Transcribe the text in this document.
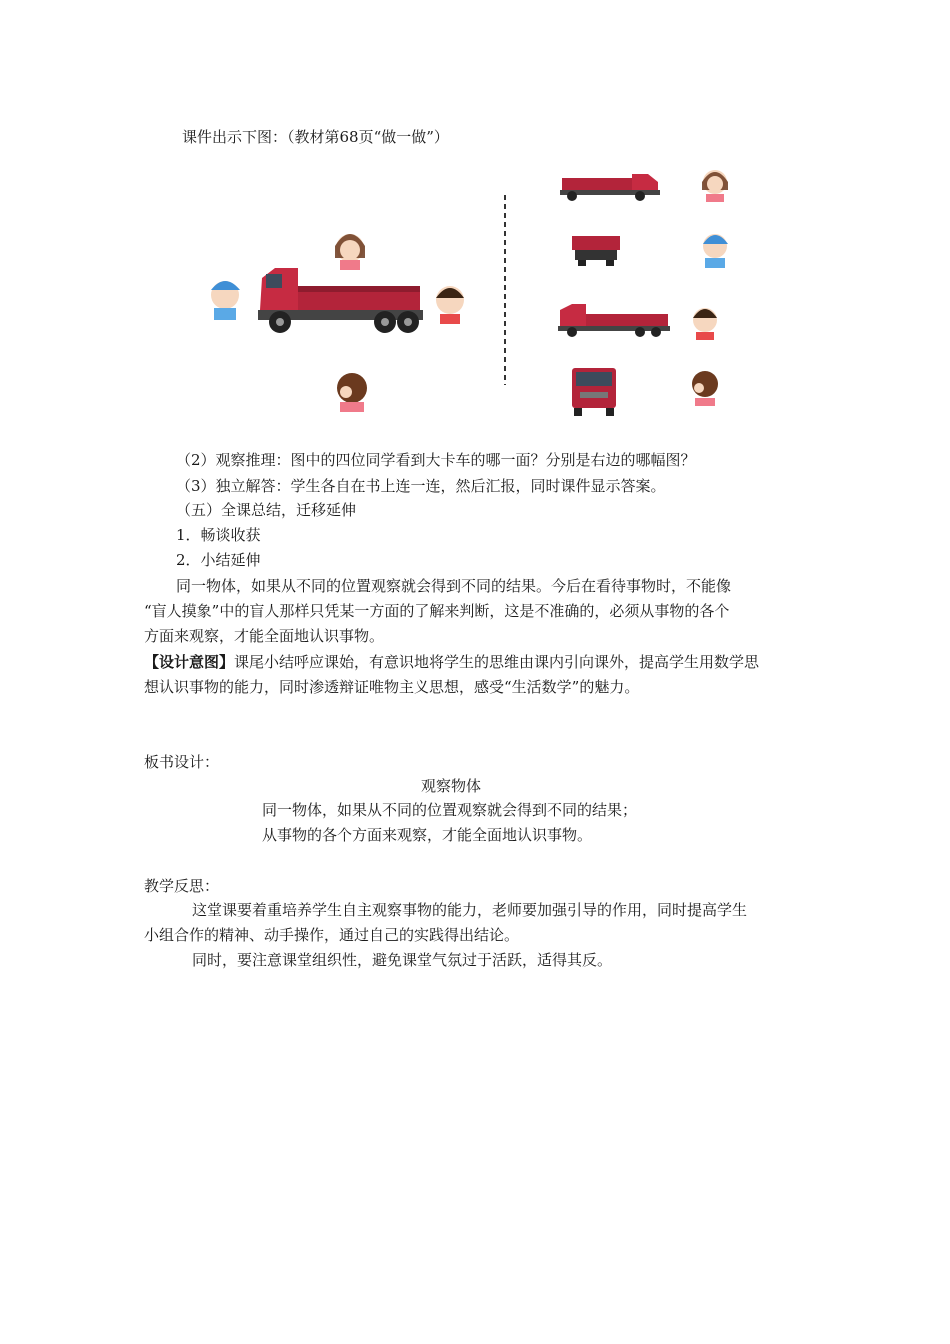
课件出示下图：（教材第68页“做一做”）
（2）观察推理：图中的四位同学看到大卡车的哪一面？分别是右边的哪幅图？
（3）独立解答：学生各自在书上连一连，然后汇报，同时课件显示答案。
（五）全课总结，迁移延伸
1．畅谈收获
2．小结延伸
同一物体，如果从不同的位置观察就会得到不同的结果。今后在看待事物时，不能像
“盲人摸象”中的盲人那样只凭某一方面的了解来判断，这是不准确的，必须从事物的各个
方面来观察，才能全面地认识事物。
【设计意图】课尾小结呼应课始，有意识地将学生的思维由课内引向课外，提高学生用数学思
想认识事物的能力，同时渗透辩证唯物主义思想，感受“生活数学”的魅力。
板书设计：
观察物体
同一物体，如果从不同的位置观察就会得到不同的结果；
从事物的各个方面来观察，才能全面地认识事物。
教学反思：
这堂课要着重培养学生自主观察事物的能力，老师要加强引导的作用，同时提高学生
小组合作的精神、动手操作，通过自己的实践得出结论。
同时，要注意课堂组织性，避免课堂气氛过于活跃，适得其反。
